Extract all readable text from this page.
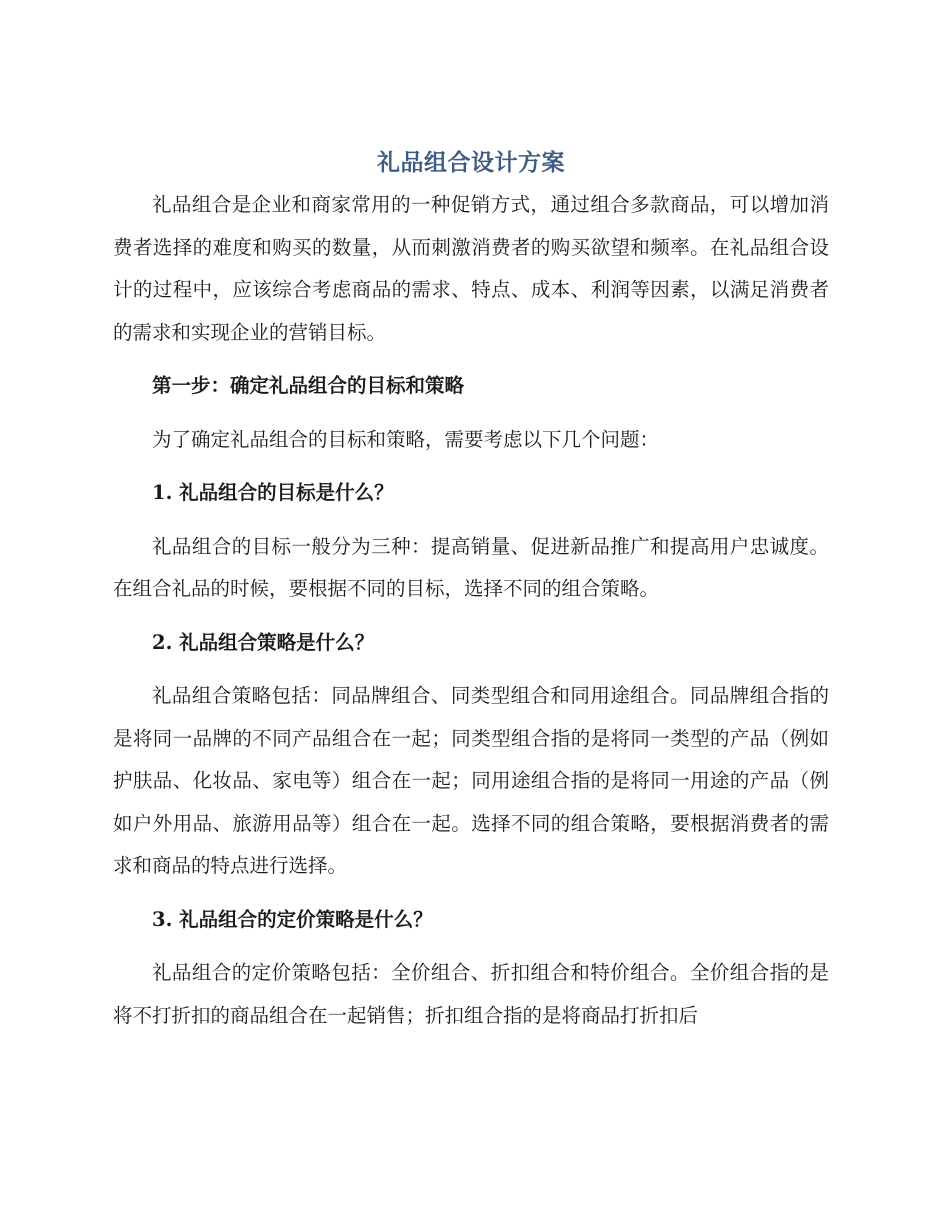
礼品组合设计方案

礼品组合是企业和商家常用的一种促销方式，通过组合多款商品，可以增加消费者选择的难度和购买的数量，从而刺激消费者的购买欲望和频率。在礼品组合设计的过程中，应该综合考虑商品的需求、特点、成本、利润等因素，以满足消费者的需求和实现企业的营销目标。

第一步：确定礼品组合的目标和策略

为了确定礼品组合的目标和策略，需要考虑以下几个问题：

1. 礼品组合的目标是什么？

礼品组合的目标一般分为三种：提高销量、促进新品推广和提高用户忠诚度。在组合礼品的时候，要根据不同的目标，选择不同的组合策略。

2. 礼品组合策略是什么？

礼品组合策略包括：同品牌组合、同类型组合和同用途组合。同品牌组合指的是将同一品牌的不同产品组合在一起；同类型组合指的是将同一类型的产品（例如护肤品、化妆品、家电等）组合在一起；同用途组合指的是将同一用途的产品（例如户外用品、旅游用品等）组合在一起。选择不同的组合策略，要根据消费者的需求和商品的特点进行选择。

3. 礼品组合的定价策略是什么？

礼品组合的定价策略包括：全价组合、折扣组合和特价组合。全价组合指的是将不打折扣的商品组合在一起销售；折扣组合指的是将商品打折扣后
